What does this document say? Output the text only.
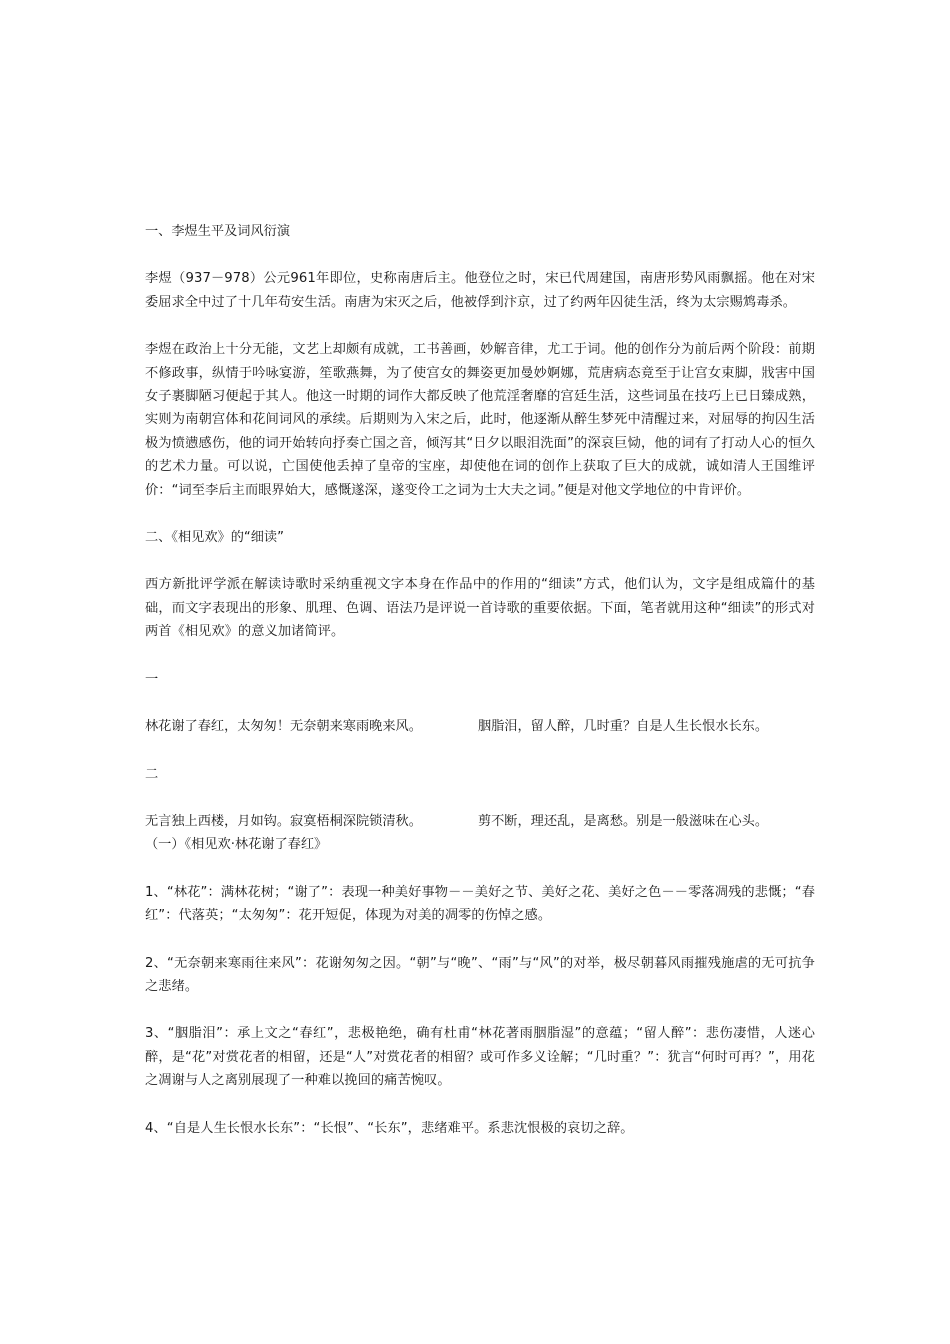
一、李煜生平及词风衍演
李煜（937－978）公元961年即位，史称南唐后主。他登位之时，宋已代周建国，南唐形势风雨飘摇。他在对宋委屈求全中过了十几年苟安生活。南唐为宋灭之后，他被俘到汴京，过了约两年囚徒生活，终为太宗赐鸩毒杀。
李煜在政治上十分无能，文艺上却颇有成就，工书善画，妙解音律，尤工于词。他的创作分为前后两个阶段：前期不修政事，纵情于吟咏宴游，笙歌燕舞，为了使宫女的舞姿更加曼妙婀娜，荒唐病态竟至于让宫女束脚，戕害中国女子裹脚陋习便起于其人。他这一时期的词作大都反映了他荒淫奢靡的宫廷生活，这些词虽在技巧上已日臻成熟，实则为南朝宫体和花间词风的承续。后期则为入宋之后，此时，他逐渐从醉生梦死中清醒过来，对屈辱的拘囚生活极为愤懑感伤，他的词开始转向抒奏亡国之音，倾泻其“日夕以眼泪洗面”的深哀巨恸，他的词有了打动人心的恒久的艺术力量。可以说，亡国使他丢掉了皇帝的宝座，却使他在词的创作上获取了巨大的成就，诚如清人王国维评价：“词至李后主而眼界始大，感慨遂深，遂变伶工之词为士大夫之词。”便是对他文学地位的中肯评价。
二、《相见欢》的“细读”
西方新批评学派在解读诗歌时采纳重视文字本身在作品中的作用的“细读”方式，他们认为，文字是组成篇什的基础，而文字表现出的形象、肌理、色调、语法乃是评说一首诗歌的重要依据。下面，笔者就用这种“细读”的形式对两首《相见欢》的意义加诸简评。
一
林花谢了春红，太匆匆！无奈朝来寒雨晚来风。	胭脂泪，留人醉，几时重？自是人生长恨水长东。
二
无言独上西楼，月如钩。寂寞梧桐深院锁清秋。	剪不断，理还乱，是离愁。别是一般滋味在心头。
（一）《相见欢·林花谢了春红》
1、“林花”：满林花树；“谢了”：表现一种美好事物－－美好之节、美好之花、美好之色－－零落凋残的悲慨；“春红”：代落英；“太匆匆”：花开短促，体现为对美的凋零的伤悼之感。
2、“无奈朝来寒雨往来风”：花谢匆匆之因。“朝”与“晚”、“雨”与“风”的对举，极尽朝暮风雨摧残施虐的无可抗争之悲绪。
3、“胭脂泪”：承上文之“春红”，悲极艳绝，确有杜甫“林花著雨胭脂湿”的意蕴；“留人醉”：悲伤凄惜，人迷心醉，是“花”对赏花者的相留，还是“人”对赏花者的相留？或可作多义诠解；“几时重？”：犹言“何时可再？”，用花之凋谢与人之离别展现了一种难以挽回的痛苦惋叹。
4、“自是人生长恨水长东”：“长恨”、“长东”，悲绪难平。系悲沈恨极的哀切之辞。
